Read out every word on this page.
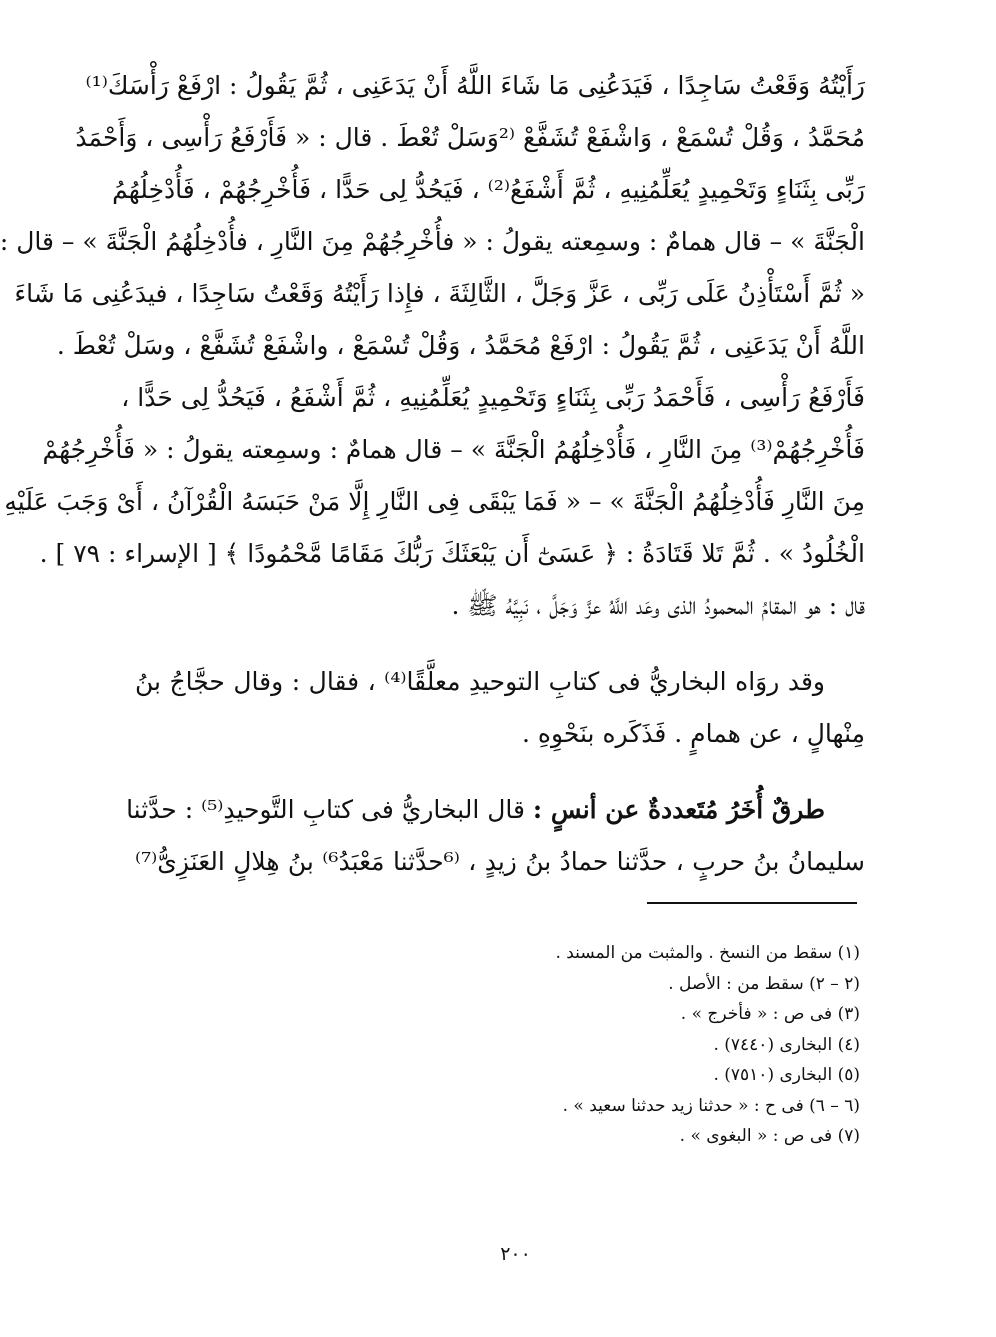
رَأَيْتُهُ وَقَعْتُ سَاجِدًا ، فَيَدَعُنِى مَا شَاءَ اللَّهُ أَنْ يَدَعَنِى ، ثُمَّ يَقُولُ : ارْفَعْ رَأْسَكَ⁽¹⁾
مُحَمَّدُ ، وَقُلْ تُسْمَعْ ، وَاشْفَعْ تُشَفَّعْ ⁽²وَسَلْ تُعْطَ . قال : « فَأَرْفَعُ رَأْسِى ، وَأَحْمَدُ
رَبِّى بِثَنَاءٍ وَتَحْمِيدٍ يُعَلِّمُنِيهِ ، ثُمَّ أَشْفَعُ⁽²⁾ ، فَيَحُدُّ لِى حَدًّا ، فَأُخْرِجُهُمْ ، فَأُدْخِلُهُمُ
الْجَنَّةَ » – قال همامٌ : وسمِعته يقولُ : « فأُخْرِجُهُمْ مِنَ النَّارِ ، فأُدْخِلُهُمُ الْجَنَّةَ » – قال :
« ثُمَّ أَسْتَأْذِنُ عَلَى رَبِّى ، عَزَّ وَجَلَّ ، الثَّالِثَةَ ، فإِذا رَأَيْتُهُ وَقَعْتُ سَاجِدًا ، فيدَعُنِى مَا شَاءَ
اللَّهُ أَنْ يَدَعَنِى ، ثُمَّ يَقُولُ : ارْفَعْ مُحَمَّدُ ، وَقُلْ تُسْمَعْ ، واشْفَعْ تُشَفَّعْ ، وسَلْ تُعْطَ .
فَأَرْفَعُ رَأْسِى ، فَأَحْمَدُ رَبِّى بِثَنَاءٍ وَتَحْمِيدٍ يُعَلِّمُنِيهِ ، ثُمَّ أَشْفَعُ ، فَيَحُدُّ لِى حَدًّا ،
فَأُخْرِجُهُمْ⁽³⁾ مِنَ النَّارِ ، فَأُدْخِلُهُمُ الْجَنَّةَ » – قال همامٌ : وسمِعته يقولُ : « فَأُخْرِجُهُمْ
مِنَ النَّارِ فَأُدْخِلُهُمُ الْجَنَّةَ » – « فَمَا يَبْقَى فِى النَّارِ إِلَّا مَنْ حَبَسَهُ الْقُرْآنُ ، أَىْ وَجَبَ عَلَيْهِ
الْخُلُودُ » . ثُمَّ تَلا قَتَادَةُ : ﴿ عَسَىٰٓ أَن يَبْعَثَكَ رَبُّكَ مَقَامًا مَّحْمُودًا ﴾ [ الإسراء : ٧٩ ] .
قال : هو المقامُ المحمودُ الذى وعَد اللَّهُ عزَّ وَجَلَّ ، نَبِيَّهُ ﷺ .
وقد روَاه البخاريُّ فى كتابِ التوحيدِ معلَّقًا⁽⁴⁾ ، فقال : وقال حجَّاجُ بنُ
مِنْهالٍ ، عن همامٍ . فَذَكَره بنَحْوِهِ .
طرقٌ أُخَرُ مُتَعددةٌ عن أنسٍ : قال البخاريُّ فى كتابِ التَّوحيدِ⁽⁵⁾ : حدَّثنا
سليمانُ بنُ حربٍ ، حدَّثنا حمادُ بنُ زيدٍ ، ⁽⁶حدَّثنا مَعْبَدُ⁶⁾ بنُ هِلالٍ العَنَزِىُّ⁽⁷⁾
(١) سقط من النسخ . والمثبت من المسند .
(٢ – ٢) سقط من : الأصل .
(٣) فى ص : « فأخرج » .
(٤) البخارى (٧٤٤٠) .
(٥) البخارى (٧٥١٠) .
(٦ – ٦) فى ح : « حدثنا زيد حدثنا سعيد » .
(٧) فى ص : « البغوى » .
٢٠٠
